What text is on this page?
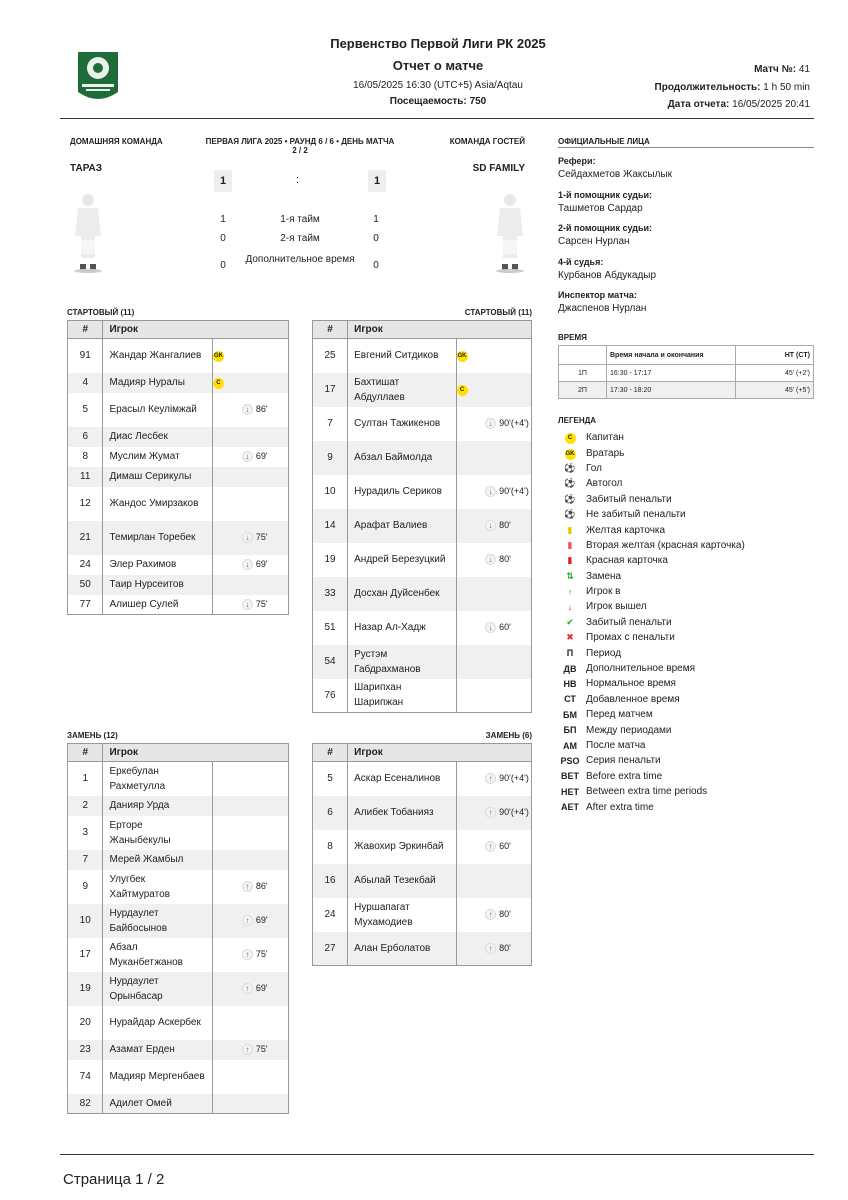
Первенство Первой Лиги РК 2025
Отчет о матче
16/05/2025 16:30 (UTC+5) Asia/Aqtau
Посещаемость: 750
Матч №: 41
Продолжительность: 1 h 50 min
Дата отчета: 16/05/2025 20:41
ДОМАШНЯЯ КОМАНДА	ПЕРВАЯ ЛИГА 2025 • РАУНД 6 / 6 • ДЕНЬ МАТЧА
2 / 2
КОМАНДА ГОСТЕЙ
ТАРАЗ	SD FAMILY
1	:	1
1	1-я тайм	1
0	2-я тайм	0
0
Дополнительное время
0
ОФИЦИАЛЬНЫЕ ЛИЦА
Рефери:
Сейдахметов Жаксылык
1-й помощник судьи:
Ташметов Сардар
2-й помощник судьи:
Сарсен Нурлан
4-й судья:
Курбанов Абдукадыр
Инспектор матча:
Джаспенов Нурлан
ВРЕМЯ
	Время начала и окончания	HT (CT)
1П	16:30 - 17:17	45' (+2')
2П	17:30 - 18:20	45' (+5')
ЛЕГЕНДА
C	Капитан
GK	Вратарь
⚽	Гол
⚽	Автогол
⚽	Забитый пенальти
⚽	Не забитый пенальти
▮	Желтая карточка
▮	Вторая желтая (красная карточка)
▮	Красная карточка
⇅	Замена
↑	Игрок в
↓	Игрок вышел
✔	Забитый пенальти
✖	Промах с пенальти
П	Период
ДВ Дополнительное время
НВ Нормальное время
СТ	Добавленное время
БМ Перед матчем
БП Между периодами
АМ После матча
PSO Серия пенальти
BET Before extra time
HET Between extra time periods
AET After extra time
СТАРТОВЫЙ (11)
#	Игрок		
91	Жандар Жангалиев	GK	
4	Мадияр Нуралы	C	
5	Ерасыл Кеулімжай		↓ 86'
6	Диас Лесбек		
8	Муслим Жумат		↓ 69'
11	Димаш Серикулы		
12	Жандос Умирзаков		
21	Темирлан Торебек		↓ 75'
24	Элер Рахимов		↓ 69'
50	Таир Нурсеитов		
77	Алишер Сулей		↓ 75'
СТАРТОВЫЙ (11)
#	Игрок		
25	Евгений Ситдиков	GK	
17	Бахтишат Абдуллаев	C	
7	Султан Тажикенов		↓ 90'(+4')
9	Абзал Баймолда		
10	Нурадиль Сериков		↓ 90'(+4')
14	Арафат Валиев		↓ 80'
19	Андрей Березуцкий		↓ 80'
33	Досхан Дуйсенбек		
51	Назар Ал-Хадж		↓ 60'
54	Рустэм Габдрахманов		
76	Шарипхан Шарипжан		
ЗАМЕНЬ (12)
#	Игрок		
1	Еркебулан Рахметулла		
2	Данияр Урда		
3	Ерторе Жаныбекулы		
7	Мерей Жамбыл		
9	Улугбек Хайтмуратов		↑ 86'
10	Нурдаулет Байбосынов		↑ 69'
17	Абзал Муканбетжанов		↑ 75'
19	Нурдаулет Орынбасар		↑ 69'
20	Нурайдар Аскербек		
23	Азамат Ерден		↑ 75'
74	Мадияр Мергенбаев		
82	Адилет Омей		
ЗАМЕНЬ (6)
#	Игрок		
5	Аскар Есеналинов		↑ 90'(+4')
6	Алибек Тобанияз		↑ 90'(+4')
8	Жавохир Эркинбай		↑ 60'
16	Абылай Тезекбай		
24	Нуршапагат Мухамодиев		↑ 80'
27	Алан Ерболатов		↑ 80'
Страница 1 / 2
